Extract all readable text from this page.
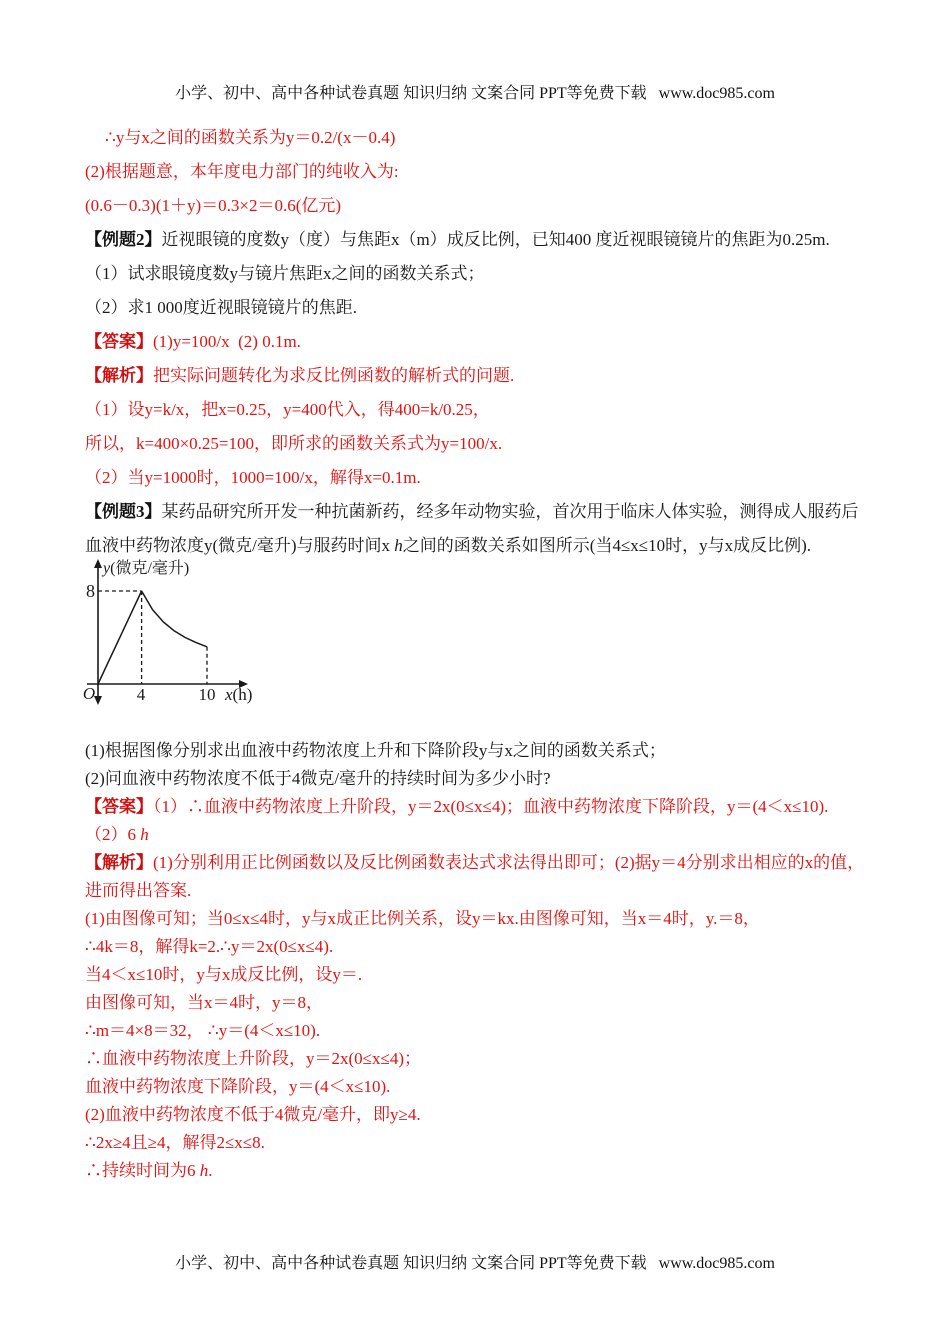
小学、初中、高中各种试卷真题 知识归纳 文案合同 PPT等免费下载   www.doc985.com

∴y与x之间的函数关系为y＝0.2/(x－0.4)

(2)根据题意，本年度电力部门的纯收入为:

(0.6－0.3)(1＋y)＝0.3×2＝0.6(亿元)

【例题2】近视眼镜的度数y（度）与焦距x（m）成反比例，已知400 度近视眼镜镜片的焦距为0.25m.

（1）试求眼镜度数y与镜片焦距x之间的函数关系式；

（2）求1 000度近视眼镜镜片的焦距.

【答案】(1)y=100/x  (2) 0.1m.

【解析】把实际问题转化为求反比例函数的解析式的问题.

（1）设y=k/x，把x=0.25，y=400代入，得400=k/0.25，

所以，k=400×0.25=100，即所求的函数关系式为y=100/x.

（2）当y=1000时，1000=100/x，解得x=0.1m.

【例题3】某药品研究所开发一种抗菌新药，经多年动物实验，首次用于临床人体实验，测得成人服药后

血液中药物浓度y(微克/毫升)与服药时间x h之间的函数关系如图所示(当4≤x≤10时，y与x成反比例).

8
y(微克/毫升)
O 4	10 x(h)

(1)根据图像分别求出血液中药物浓度上升和下降阶段y与x之间的函数关系式；

(2)问血液中药物浓度不低于4微克/毫升的持续时间为多少小时?

【答案】（1）∴血液中药物浓度上升阶段，y＝2x(0≤x≤4)；血液中药物浓度下降阶段，y＝(4＜x≤10).

（2）6 h

【解析】(1)分别利用正比例函数以及反比例函数表达式求法得出即可；(2)据y＝4分别求出相应的x的值，

进而得出答案.

(1)由图像可知；当0≤x≤4时，y与x成正比例关系，设y＝kx.由图像可知，当x＝4时，y.＝8，

∴4k＝8，解得k=2.∴y＝2x(0≤x≤4).

当4＜x≤10时，y与x成反比例，设y＝.

由图像可知，当x＝4时，y＝8，

∴m＝4×8＝32， ∴y＝(4＜x≤10).

∴血液中药物浓度上升阶段，y＝2x(0≤x≤4)；

血液中药物浓度下降阶段，y＝(4＜x≤10).

(2)血液中药物浓度不低于4微克/毫升，即y≥4.

∴2x≥4且≥4，解得2≤x≤8.

∴持续时间为6 h.

小学、初中、高中各种试卷真题 知识归纳 文案合同 PPT等免费下载   www.doc985.com
